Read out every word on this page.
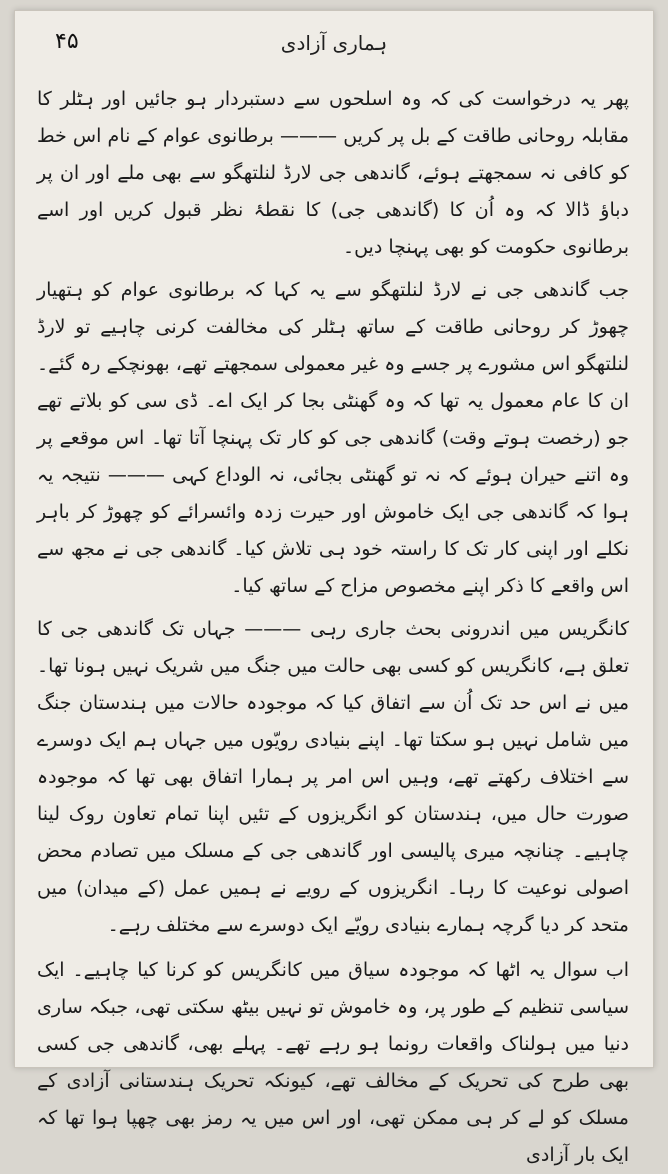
ہماری آزادی
۴۵

پھر یہ درخواست کی کہ وہ اسلحوں سے دستبردار ہو جائیں اور ہٹلر کا مقابلہ روحانی طاقت کے بل پر کریں ——— برطانوی عوام کے نام اس خط کو کافی نہ سمجھتے ہوئے، گاندھی جی لارڈ لنلتھگو سے بھی ملے اور ان پر دباؤ ڈالا کہ وہ اُن کا (گاندھی جی) کا نقطۂ نظر قبول کریں اور اسے برطانوی حکومت کو بھی پہنچا دیں۔

جب گاندھی جی نے لارڈ لنلتھگو سے یہ کہا کہ برطانوی عوام کو ہتھیار چھوڑ کر روحانی طاقت کے ساتھ ہٹلر کی مخالفت کرنی چاہیے تو لارڈ لنلتھگو اس مشورے پر جسے وہ غیر معمولی سمجھتے تھے، بھونچکے رہ گئے۔ ان کا عام معمول یہ تھا کہ وہ گھنٹی بجا کر ایک اے۔ ڈی سی کو بلاتے تھے جو (رخصت ہوتے وقت) گاندھی جی کو کار تک پہنچا آتا تھا۔ اس موقعے پر وہ اتنے حیران ہوئے کہ نہ تو گھنٹی بجائی، نہ الوداع کہی ——— نتیجہ یہ ہوا کہ گاندھی جی ایک خاموش اور حیرت زدہ وائسرائے کو چھوڑ کر باہر نکلے اور اپنی کار تک کا راستہ خود ہی تلاش کیا۔ گاندھی جی نے مجھ سے اس واقعے کا ذکر اپنے مخصوص مزاح کے ساتھ کیا۔

کانگریس میں اندرونی بحث جاری رہی ——— جہاں تک گاندھی جی کا تعلق ہے، کانگریس کو کسی بھی حالت میں جنگ میں شریک نہیں ہونا تھا۔ میں نے اس حد تک اُن سے اتفاق کیا کہ موجودہ حالات میں ہندستان جنگ میں شامل نہیں ہو سکتا تھا۔ اپنے بنیادی رویّوں میں جہاں ہم ایک دوسرے سے اختلاف رکھتے تھے، وہیں اس امر پر ہمارا اتفاق بھی تھا کہ موجودہ صورت حال میں، ہندستان کو انگریزوں کے تئیں اپنا تمام تعاون روک لینا چاہیے۔ چنانچہ میری پالیسی اور گاندھی جی کے مسلک میں تصادم محض اصولی نوعیت کا رہا۔ انگریزوں کے رویے نے ہمیں عمل (کے میدان) میں متحد کر دیا گرچہ ہمارے بنیادی رویّے ایک دوسرے سے مختلف رہے۔

اب سوال یہ اٹھا کہ موجودہ سیاق میں کانگریس کو کرنا کیا چاہیے۔ ایک سیاسی تنظیم کے طور پر، وہ خاموش تو نہیں بیٹھ سکتی تھی، جبکہ ساری دنیا میں ہولناک واقعات رونما ہو رہے تھے۔ پہلے بھی، گاندھی جی کسی بھی طرح کی تحریک کے مخالف تھے، کیونکہ تحریک ہندستانی آزادی کے مسلک کو لے کر ہی ممکن تھی، اور اس میں یہ رمز بھی چھپا ہوا تھا کہ ایک بار آزادی
